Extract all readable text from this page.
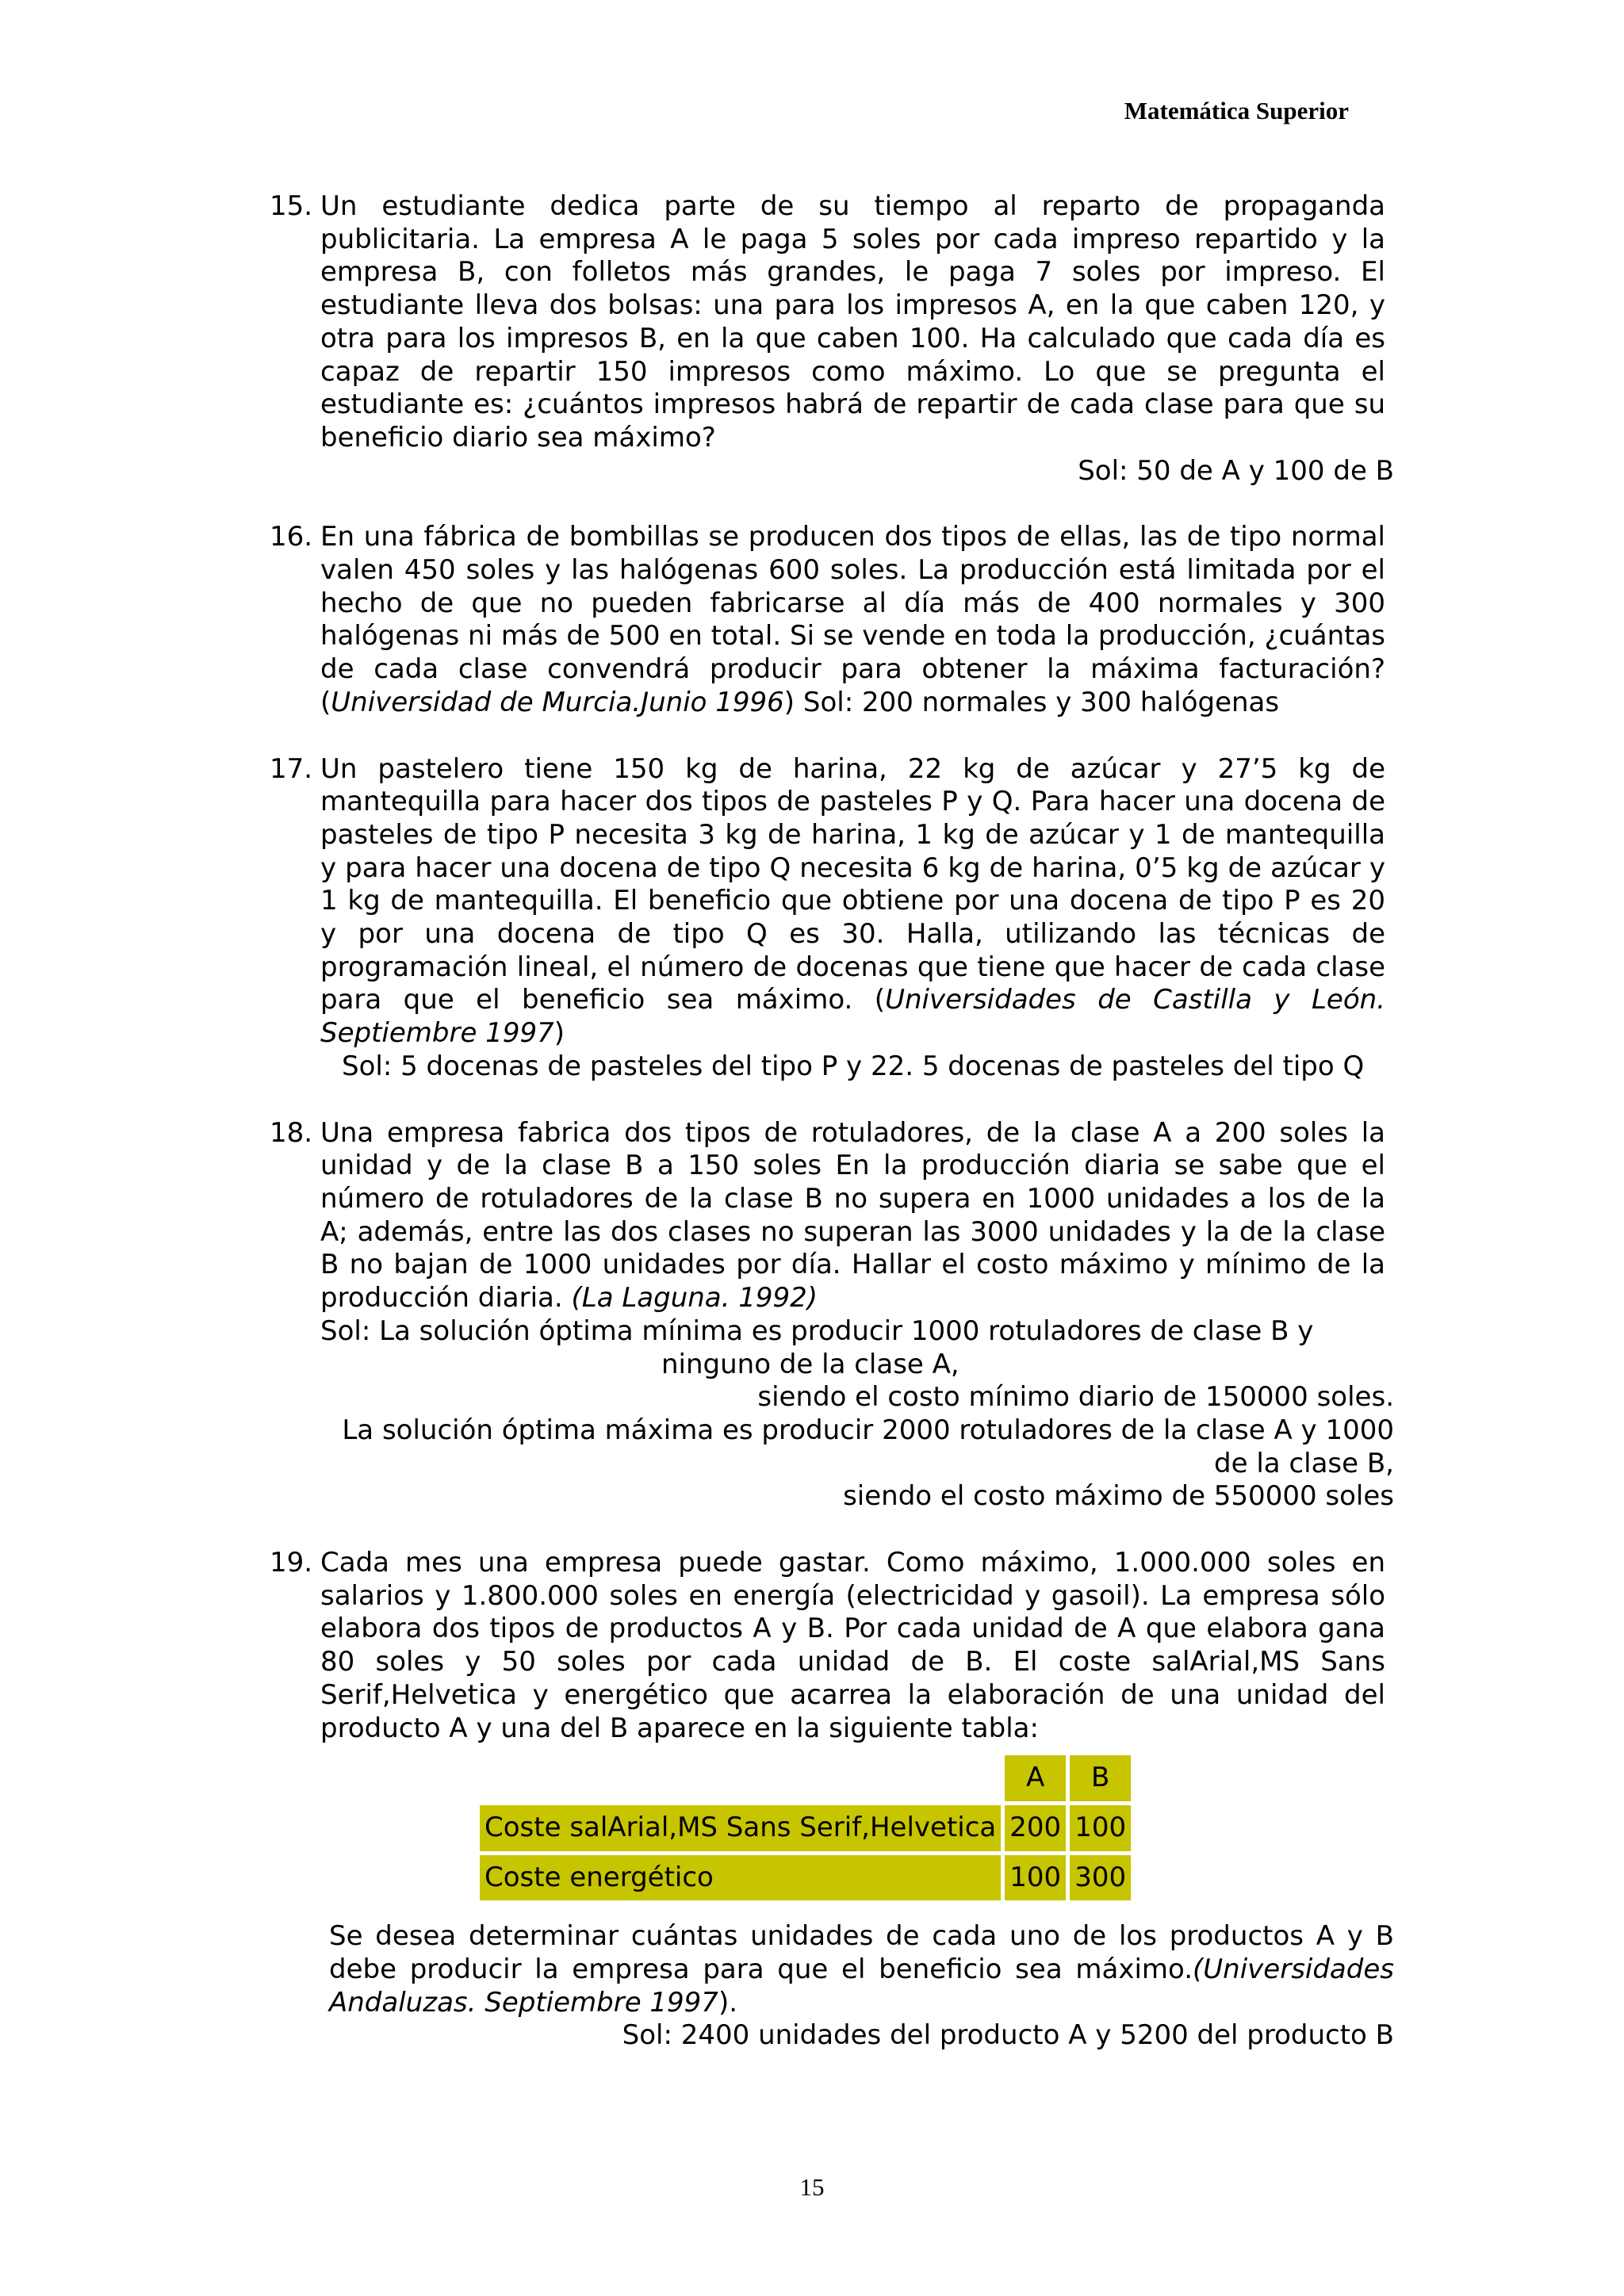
Matemática Superior
15. Un estudiante dedica parte de su tiempo al reparto de propaganda publicitaria. La empresa A le paga 5 soles por cada impreso repartido y la empresa B, con folletos más grandes, le paga 7 soles por impreso. El estudiante lleva dos bolsas: una para los impresos A, en la que caben 120, y otra para los impresos B, en la que caben 100. Ha calculado que cada día es capaz de repartir 150 impresos como máximo. Lo que se pregunta el estudiante es: ¿cuántos impresos habrá de repartir de cada clase para que su beneficio diario sea máximo?
Sol: 50 de A y 100 de B
16. En una fábrica de bombillas se producen dos tipos de ellas, las de tipo normal valen 450 soles y las halógenas 600 soles. La producción está limitada por el hecho de que no pueden fabricarse al día más de 400 normales y 300 halógenas ni más de 500 en total. Si se vende en toda la producción, ¿cuántas de cada clase convendrá producir para obtener la máxima facturación? (Universidad de Murcia.Junio 1996) Sol: 200 normales y 300 halógenas
17. Un pastelero tiene 150 kg de harina, 22 kg de azúcar y 27’5 kg de mantequilla para hacer dos tipos de pasteles P y Q. Para hacer una docena de pasteles de tipo P necesita 3 kg de harina, 1 kg de azúcar y 1 de mantequilla y para hacer una docena de tipo Q necesita 6 kg de harina, 0’5 kg de azúcar y 1 kg de mantequilla. El beneficio que obtiene por una docena de tipo P es 20 y por una docena de tipo Q es 30. Halla, utilizando las técnicas de programación lineal, el número de docenas que tiene que hacer de cada clase para que el beneficio sea máximo. (Universidades de Castilla y León. Septiembre 1997)
Sol: 5 docenas de pasteles del tipo P y 22. 5 docenas de pasteles del tipo Q
18. Una empresa fabrica dos tipos de rotuladores, de la clase A a 200 soles la unidad y de la clase B a 150 soles En la producción diaria se sabe que el número de rotuladores de la clase B no supera en 1000 unidades a los de la A; además, entre las dos clases no superan las 3000 unidades y la de la clase B no bajan de 1000 unidades por día. Hallar el costo máximo y mínimo de la producción diaria. (La Laguna. 1992)
Sol: La solución óptima mínima es producir 1000 rotuladores de clase B y
ninguno de la clase A,
siendo el costo mínimo diario de 150000 soles.
La solución óptima máxima es producir 2000 rotuladores de la clase A y 1000
de la clase B,
siendo el costo máximo de 550000 soles
19. Cada mes una empresa puede gastar. Como máximo, 1.000.000 soles en salarios y 1.800.000 soles en energía (electricidad y gasoil). La empresa sólo elabora dos tipos de productos A y B. Por cada unidad de A que elabora gana 80 soles y 50 soles por cada unidad de B. El coste salArial,MS Sans Serif,Helvetica y energético que acarrea la elaboración de una unidad del producto A y una del B aparece en la siguiente tabla:
	A	B
Coste salArial,MS Sans Serif,Helvetica	200	100
Coste energético	100	300
Se desea determinar cuántas unidades de cada uno de los productos A y B debe producir la empresa para que el beneficio sea máximo.(Universidades Andaluzas. Septiembre 1997).
Sol: 2400 unidades del producto A y 5200 del producto B
15
